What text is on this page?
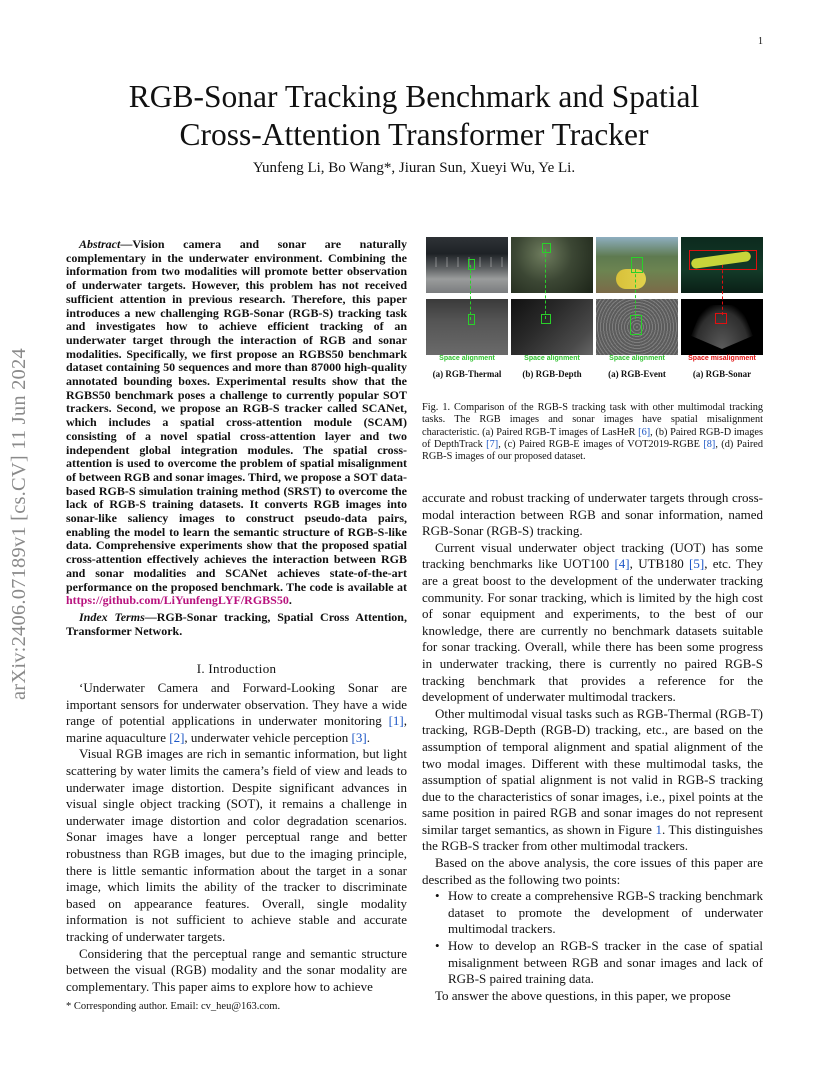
1
arXiv:2406.07189v1 [cs.CV] 11 Jun 2024
RGB-Sonar Tracking Benchmark and Spatial
Cross-Attention Transformer Tracker
Yunfeng Li, Bo Wang*, Jiuran Sun, Xueyi Wu, Ye Li.

Abstract—Vision camera and sonar are naturally complementary in the underwater environment. Combining the information from two modalities will promote better observation of underwater targets. However, this problem has not received sufficient attention in previous research. Therefore, this paper introduces a new challenging RGB-Sonar (RGB-S) tracking task and investigates how to achieve efficient tracking of an underwater target through the interaction of RGB and sonar modalities. Specifically, we first propose an RGBS50 benchmark dataset containing 50 sequences and more than 87000 high-quality annotated bounding boxes. Experimental results show that the RGBS50 benchmark poses a challenge to currently popular SOT trackers. Second, we propose an RGB-S tracker called SCANet, which includes a spatial cross-attention module (SCAM) consisting of a novel spatial cross-attention layer and two independent global integration modules. The spatial cross-attention is used to overcome the problem of spatial misalignment of between RGB and sonar images. Third, we propose a SOT data-based RGB-S simulation training method (SRST) to overcome the lack of RGB-S training datasets. It converts RGB images into sonar-like saliency images to construct pseudo-data pairs, enabling the model to learn the semantic structure of RGB-S-like data. Comprehensive experiments show that the proposed spatial cross-attention effectively achieves the interaction between RGB and sonar modalities and SCANet achieves state-of-the-art performance on the proposed benchmark. The code is available at https://github.com/LiYunfengLYF/RGBS50.

Index Terms—RGB-Sonar tracking, Spatial Cross Attention, Transformer Network.

I. Introduction

‘Underwater Camera and Forward-Looking Sonar are important sensors for underwater observation. They have a wide range of potential applications in underwater monitoring [1], marine aquaculture [2], underwater vehicle perception [3].

Visual RGB images are rich in semantic information, but light scattering by water limits the camera’s field of view and leads to underwater image distortion. Despite significant advances in visual single object tracking (SOT), it remains a challenge in underwater image distortion and color degradation scenarios. Sonar images have a longer perceptual range and better robustness than RGB images, but due to the imaging principle, there is little semantic information about the target in a sonar image, which limits the ability of the tracker to discriminate based on appearance features. Overall, single modality information is not sufficient to achieve stable and accurate tracking of underwater targets.

Considering that the perceptual range and semantic structure between the visual (RGB) modality and the sonar modality are complementary. This paper aims to explore how to achieve

* Corresponding author. Email: cv_heu@163.com.
Space alignment	Space alignment	Space alignment	Space misalignment
(a) RGB-Thermal	(b) RGB-Depth	(a) RGB-Event	(a) RGB-Sonar

Fig. 1. Comparison of the RGB-S tracking task with other multimodal tracking tasks. The RGB images and sonar images have spatial misalignment characteristic. (a) Paired RGB-T images of LasHeR [6], (b) Paired RGB-D images of DepthTrack [7], (c) Paired RGB-E images of VOT2019-RGBE [8], (d) Paired RGB-S images of our proposed dataset.

accurate and robust tracking of underwater targets through cross-modal interaction between RGB and sonar information, named RGB-Sonar (RGB-S) tracking.

Current visual underwater object tracking (UOT) has some tracking benchmarks like UOT100 [4], UTB180 [5], etc. They are a great boost to the development of the underwater tracking community. For sonar tracking, which is limited by the high cost of sonar equipment and experiments, to the best of our knowledge, there are currently no benchmark datasets suitable for sonar tracking. Overall, while there has been some progress in underwater tracking, there is currently no paired RGB-S tracking benchmark that provides a reference for the development of underwater multimodal trackers.

Other multimodal visual tasks such as RGB-Thermal (RGB-T) tracking, RGB-Depth (RGB-D) tracking, etc., are based on the assumption of temporal alignment and spatial alignment of the two modal images. Different with these multimodal tasks, the assumption of spatial alignment is not valid in RGB-S tracking due to the characteristics of sonar images, i.e., pixel points at the same position in paired RGB and sonar images do not represent similar target semantics, as shown in Figure 1. This distinguishes the RGB-S tracker from other multimodal trackers.

Based on the above analysis, the core issues of this paper are described as the following two points:

• How to create a comprehensive RGB-S tracking benchmark dataset to promote the development of underwater multimodal trackers.
• How to develop an RGB-S tracker in the case of spatial misalignment between RGB and sonar images and lack of RGB-S paired training data.

To answer the above questions, in this paper, we propose
